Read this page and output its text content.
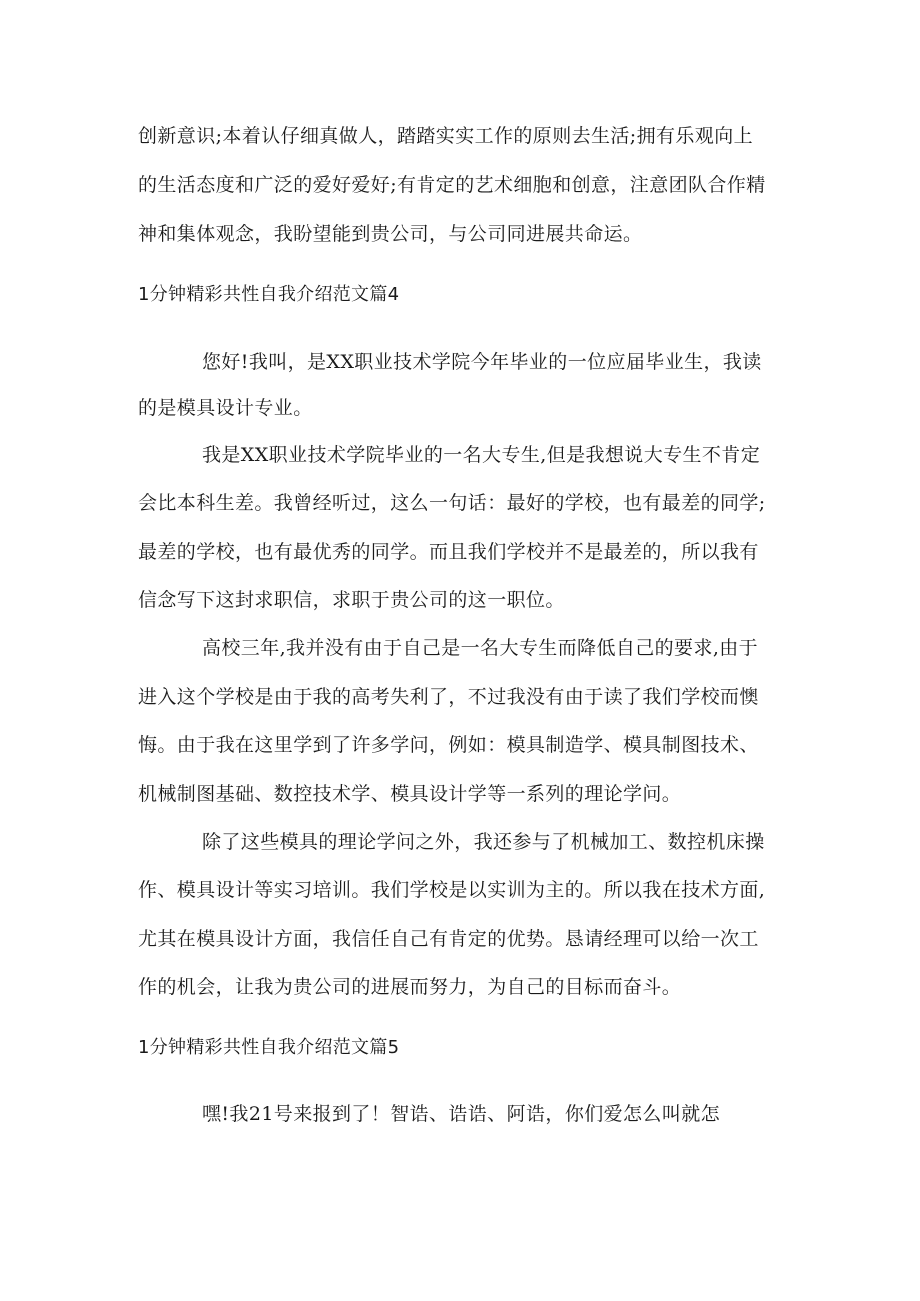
创新意识;本着认仔细真做人，踏踏实实工作的原则去生活;拥有乐观向上
的生活态度和广泛的爱好爱好;有肯定的艺术细胞和创意，注意团队合作精
神和集体观念，我盼望能到贵公司，与公司同进展共命运。
1分钟精彩共性自我介绍范文篇4
您好!我叫，是XX职业技术学院今年毕业的一位应届毕业生，我读
的是模具设计专业。
我是XX职业技术学院毕业的一名大专生,但是我想说大专生不肯定
会比本科生差。我曾经听过，这么一句话：最好的学校，也有最差的同学;
最差的学校，也有最优秀的同学。而且我们学校并不是最差的，所以我有
信念写下这封求职信，求职于贵公司的这一职位。
高校三年,我并没有由于自己是一名大专生而降低自己的要求,由于
进入这个学校是由于我的高考失利了，不过我没有由于读了我们学校而懊
悔。由于我在这里学到了许多学问，例如：模具制造学、模具制图技术、
机械制图基础、数控技术学、模具设计学等一系列的理论学问。
除了这些模具的理论学问之外，我还参与了机械加工、数控机床操
作、模具设计等实习培训。我们学校是以实训为主的。所以我在技术方面,
尤其在模具设计方面，我信任自己有肯定的优势。恳请经理可以给一次工
作的机会，让我为贵公司的进展而努力，为自己的目标而奋斗。
1分钟精彩共性自我介绍范文篇5
嘿!我21号来报到了！智诰、诰诰、阿诰，你们爱怎么叫就怎
